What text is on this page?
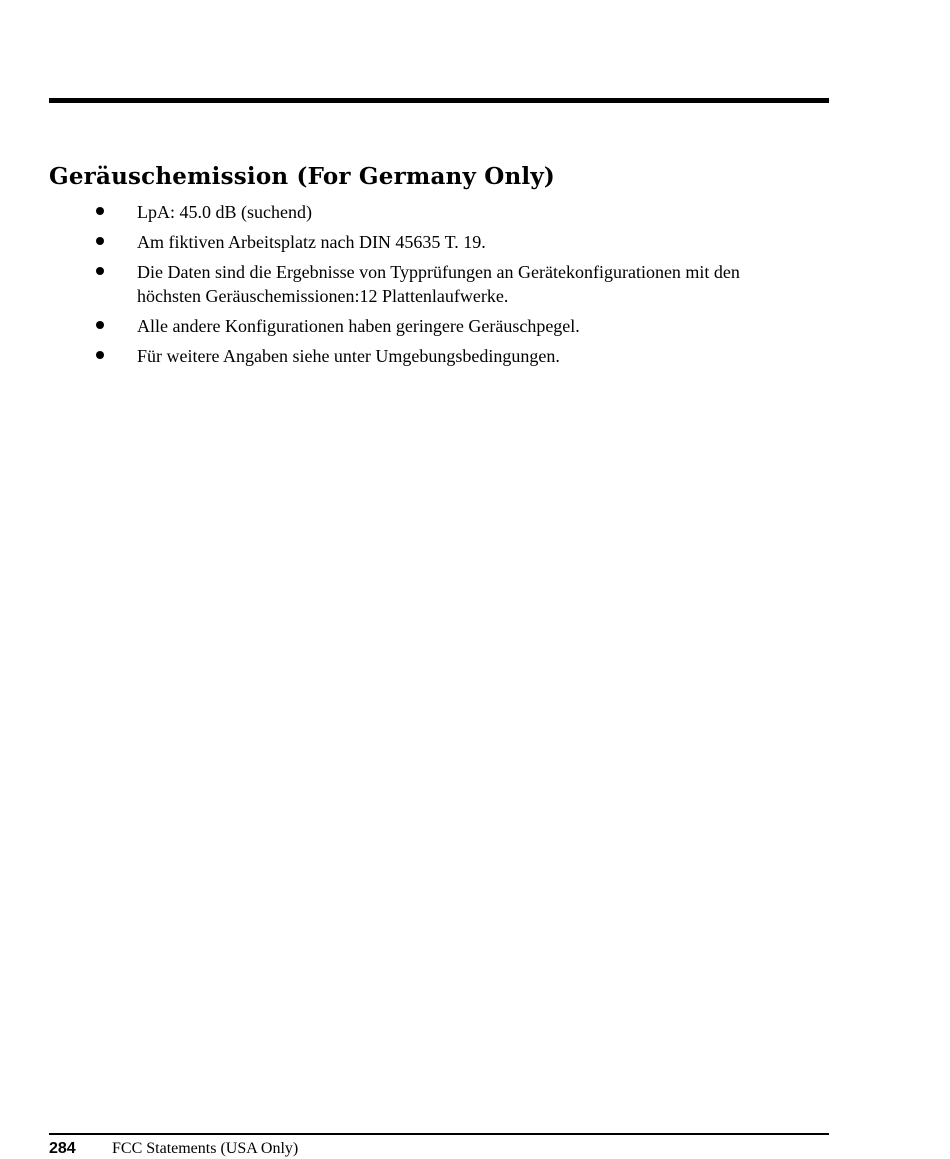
Geräuschemission (For Germany Only)
LpA: 45.0 dB (suchend)
Am fiktiven Arbeitsplatz nach DIN 45635 T. 19.
Die Daten sind die Ergebnisse von Typprüfungen an Gerätekonfigurationen mit den höchsten Geräuschemissionen:12 Plattenlaufwerke.
Alle andere Konfigurationen haben geringere Geräuschpegel.
Für weitere Angaben siehe unter Umgebungsbedingungen.
284 FCC Statements (USA Only)
